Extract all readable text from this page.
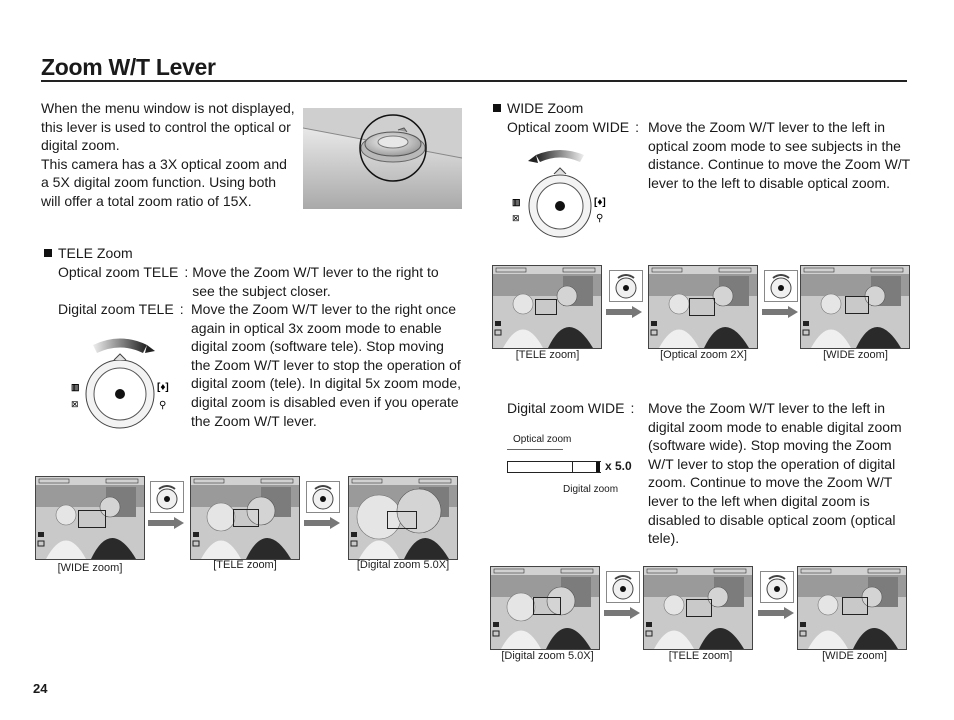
Zoom W/T Lever
When the menu window is not displayed,
this lever is used to control the optical or
digital zoom.
This camera has a 3X optical zoom and
a 5X digital zoom function. Using both
will offer a total zoom ratio of 15X.
TELE Zoom
Optical zoom TELE : Move the Zoom W/T lever to the right to see the subject closer.
Digital zoom TELE : Move the Zoom W/T lever to the right once again in optical 3x zoom mode to enable digital zoom (software tele). Stop moving the Zoom W/T lever to stop the operation of digital zoom (tele). In digital 5x zoom mode, digital zoom is disabled even if you operate the Zoom W/T lever.
▥
⊠
[♦]
⚲
WIDE Zoom
Optical zoom WIDE : Move the Zoom W/T lever to the left in optical zoom mode to see subjects in the distance. Continue to move the Zoom W/T lever to the left to disable optical zoom.
▥
⊠
[♦]
⚲
Digital zoom WIDE : Move the Zoom W/T lever to the left in digital zoom mode to enable digital zoom (software wide). Stop moving the Zoom W/T lever to stop the operation of digital zoom. Continue to move the Zoom W/T lever to the left when digital zoom is disabled to disable optical zoom (optical tele).
Optical zoom
x 5.0
Digital zoom
[TELE zoom]	[Optical zoom 2X]	[WIDE zoom]
[WIDE zoom]	[TELE zoom]	[Digital zoom 5.0X]
[Digital zoom 5.0X]	[TELE zoom]	[WIDE zoom]
24
